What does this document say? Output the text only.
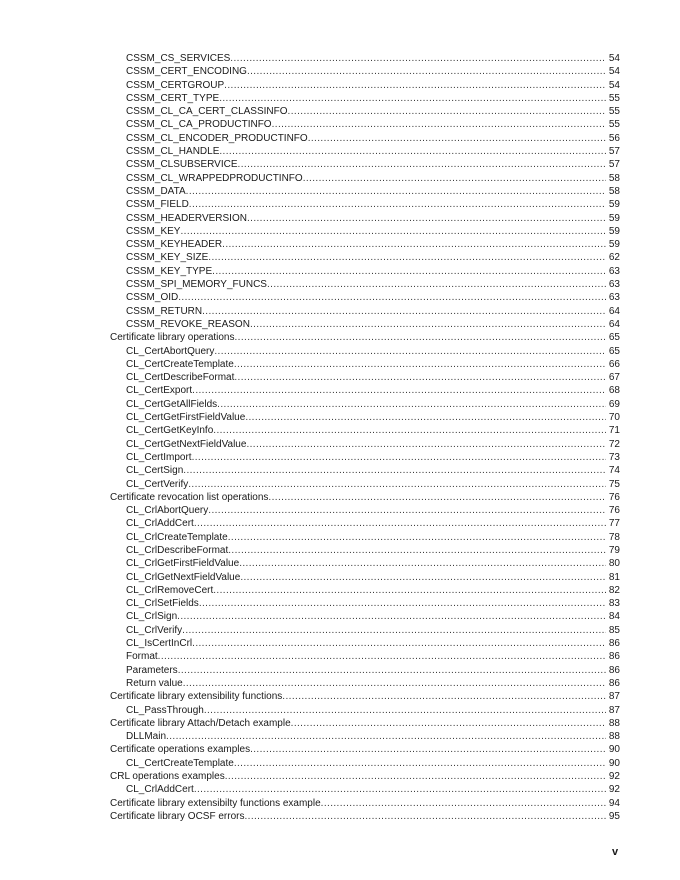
CSSM_CS_SERVICES .....	54
CSSM_CERT_ENCODING .....	54
CSSM_CERTGROUP .....	54
CSSM_CERT_TYPE .....	55
CSSM_CL_CA_CERT_CLASSINFO .....	55
CSSM_CL_CA_PRODUCTINFO .....	55
CSSM_CL_ENCODER_PRODUCTINFO .....	56
CSSM_CL_HANDLE .....	57
CSSM_CLSUBSERVICE .....	57
CSSM_CL_WRAPPEDPRODUCTINFO .....	58
CSSM_DATA .....	58
CSSM_FIELD .....	59
CSSM_HEADERVERSION .....	59
CSSM_KEY .....	59
CSSM_KEYHEADER .....	59
CSSM_KEY_SIZE .....	62
CSSM_KEY_TYPE .....	63
CSSM_SPI_MEMORY_FUNCS .....	63
CSSM_OID .....	63
CSSM_RETURN .....	64
CSSM_REVOKE_REASON .....	64
Certificate library operations .....	65
CL_CertAbortQuery .....	65
CL_CertCreateTemplate .....	66
CL_CertDescribeFormat .....	67
CL_CertExport .....	68
CL_CertGetAllFields .....	69
CL_CertGetFirstFieldValue .....	70
CL_CertGetKeyInfo .....	71
CL_CertGetNextFieldValue .....	72
CL_CertImport .....	73
CL_CertSign .....	74
CL_CertVerify .....	75
Certificate revocation list operations .....	76
CL_CrlAbortQuery .....	76
CL_CrlAddCert .....	77
CL_CrlCreateTemplate .....	78
CL_CrlDescribeFormat .....	79
CL_CrlGetFirstFieldValue .....	80
CL_CrlGetNextFieldValue .....	81
CL_CrlRemoveCert .....	82
CL_CrlSetFields .....	83
CL_CrlSign .....	84
CL_CrlVerify .....	85
CL_IsCertInCrl .....	86
Format .....	86
Parameters .....	86
Return value .....	86
Certificate library extensibility functions .....	87
CL_PassThrough .....	87
Certificate library Attach/Detach example .....	88
DLLMain .....	88
Certificate operations examples .....	90
CL_CertCreateTemplate .....	90
CRL operations examples .....	92
CL_CrlAddCert .....	92
Certificate library extensibilty functions example .....	94
Certificate library OCSF errors .....	95
v
